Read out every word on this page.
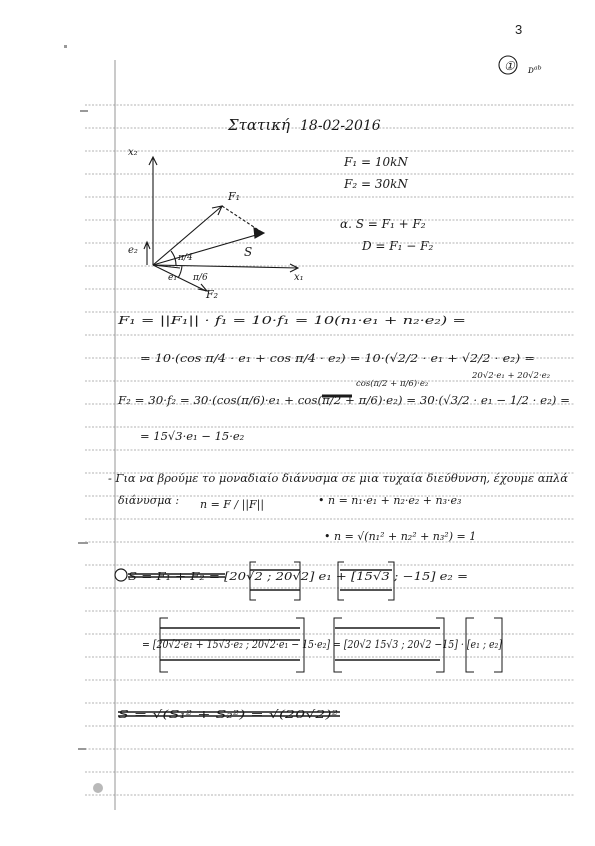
① ᴅᵃᵇ
Στατική 18-02-2016
x₂
x₁
F₁
S
F₂
e₂
e₁
π/4
π/6
F₁ = 10kN
F₂ = 30kN
α. S = F₁ + F₂
D = F₁ − F₂
F₁ = ||F₁|| · f₁ = 10·f₁ = 10(n₁·e₁ + n₂·e₂) =
= 10·(cos π/4 · e₁ + cos π/4 · e₂) = 10·(√2/2 · e₁ + √2/2 · e₂) =
20√2·e₁ + 20√2·e₂
cos(π/2 + π/6)·e₂
F₂ = 30·f₂ = 30·(cos(π/6)·e₁ + cos(π/2 + π/6)·e₂) = 30·(√3/2 · e₁ − 1/2 · e₂) =
= 15√3·e₁ − 15·e₂
- Για να βρούμε το μοναδιαίο διάνυσμα σε μια τυχαία διεύθυνση, έχουμε απλά
διάνυσμα : n = F / ||F||	• n = n₁·e₁ + n₂·e₂ + n₃·e₃
• n = √(n₁² + n₂² + n₃²) = 1
S = F₁ + F₂ = [20√2 ; 20√2] e₁ + [15√3 ; −15] e₂ =
= [20√2·e₁ + 15√3·e₂ ; 20√2·e₁ − 15·e₂] = [20√2 15√3 ; 20√2 −15] · [e₁ ; e₂]
S = √(S₁² + S₂²) = √(20√2)²
3
